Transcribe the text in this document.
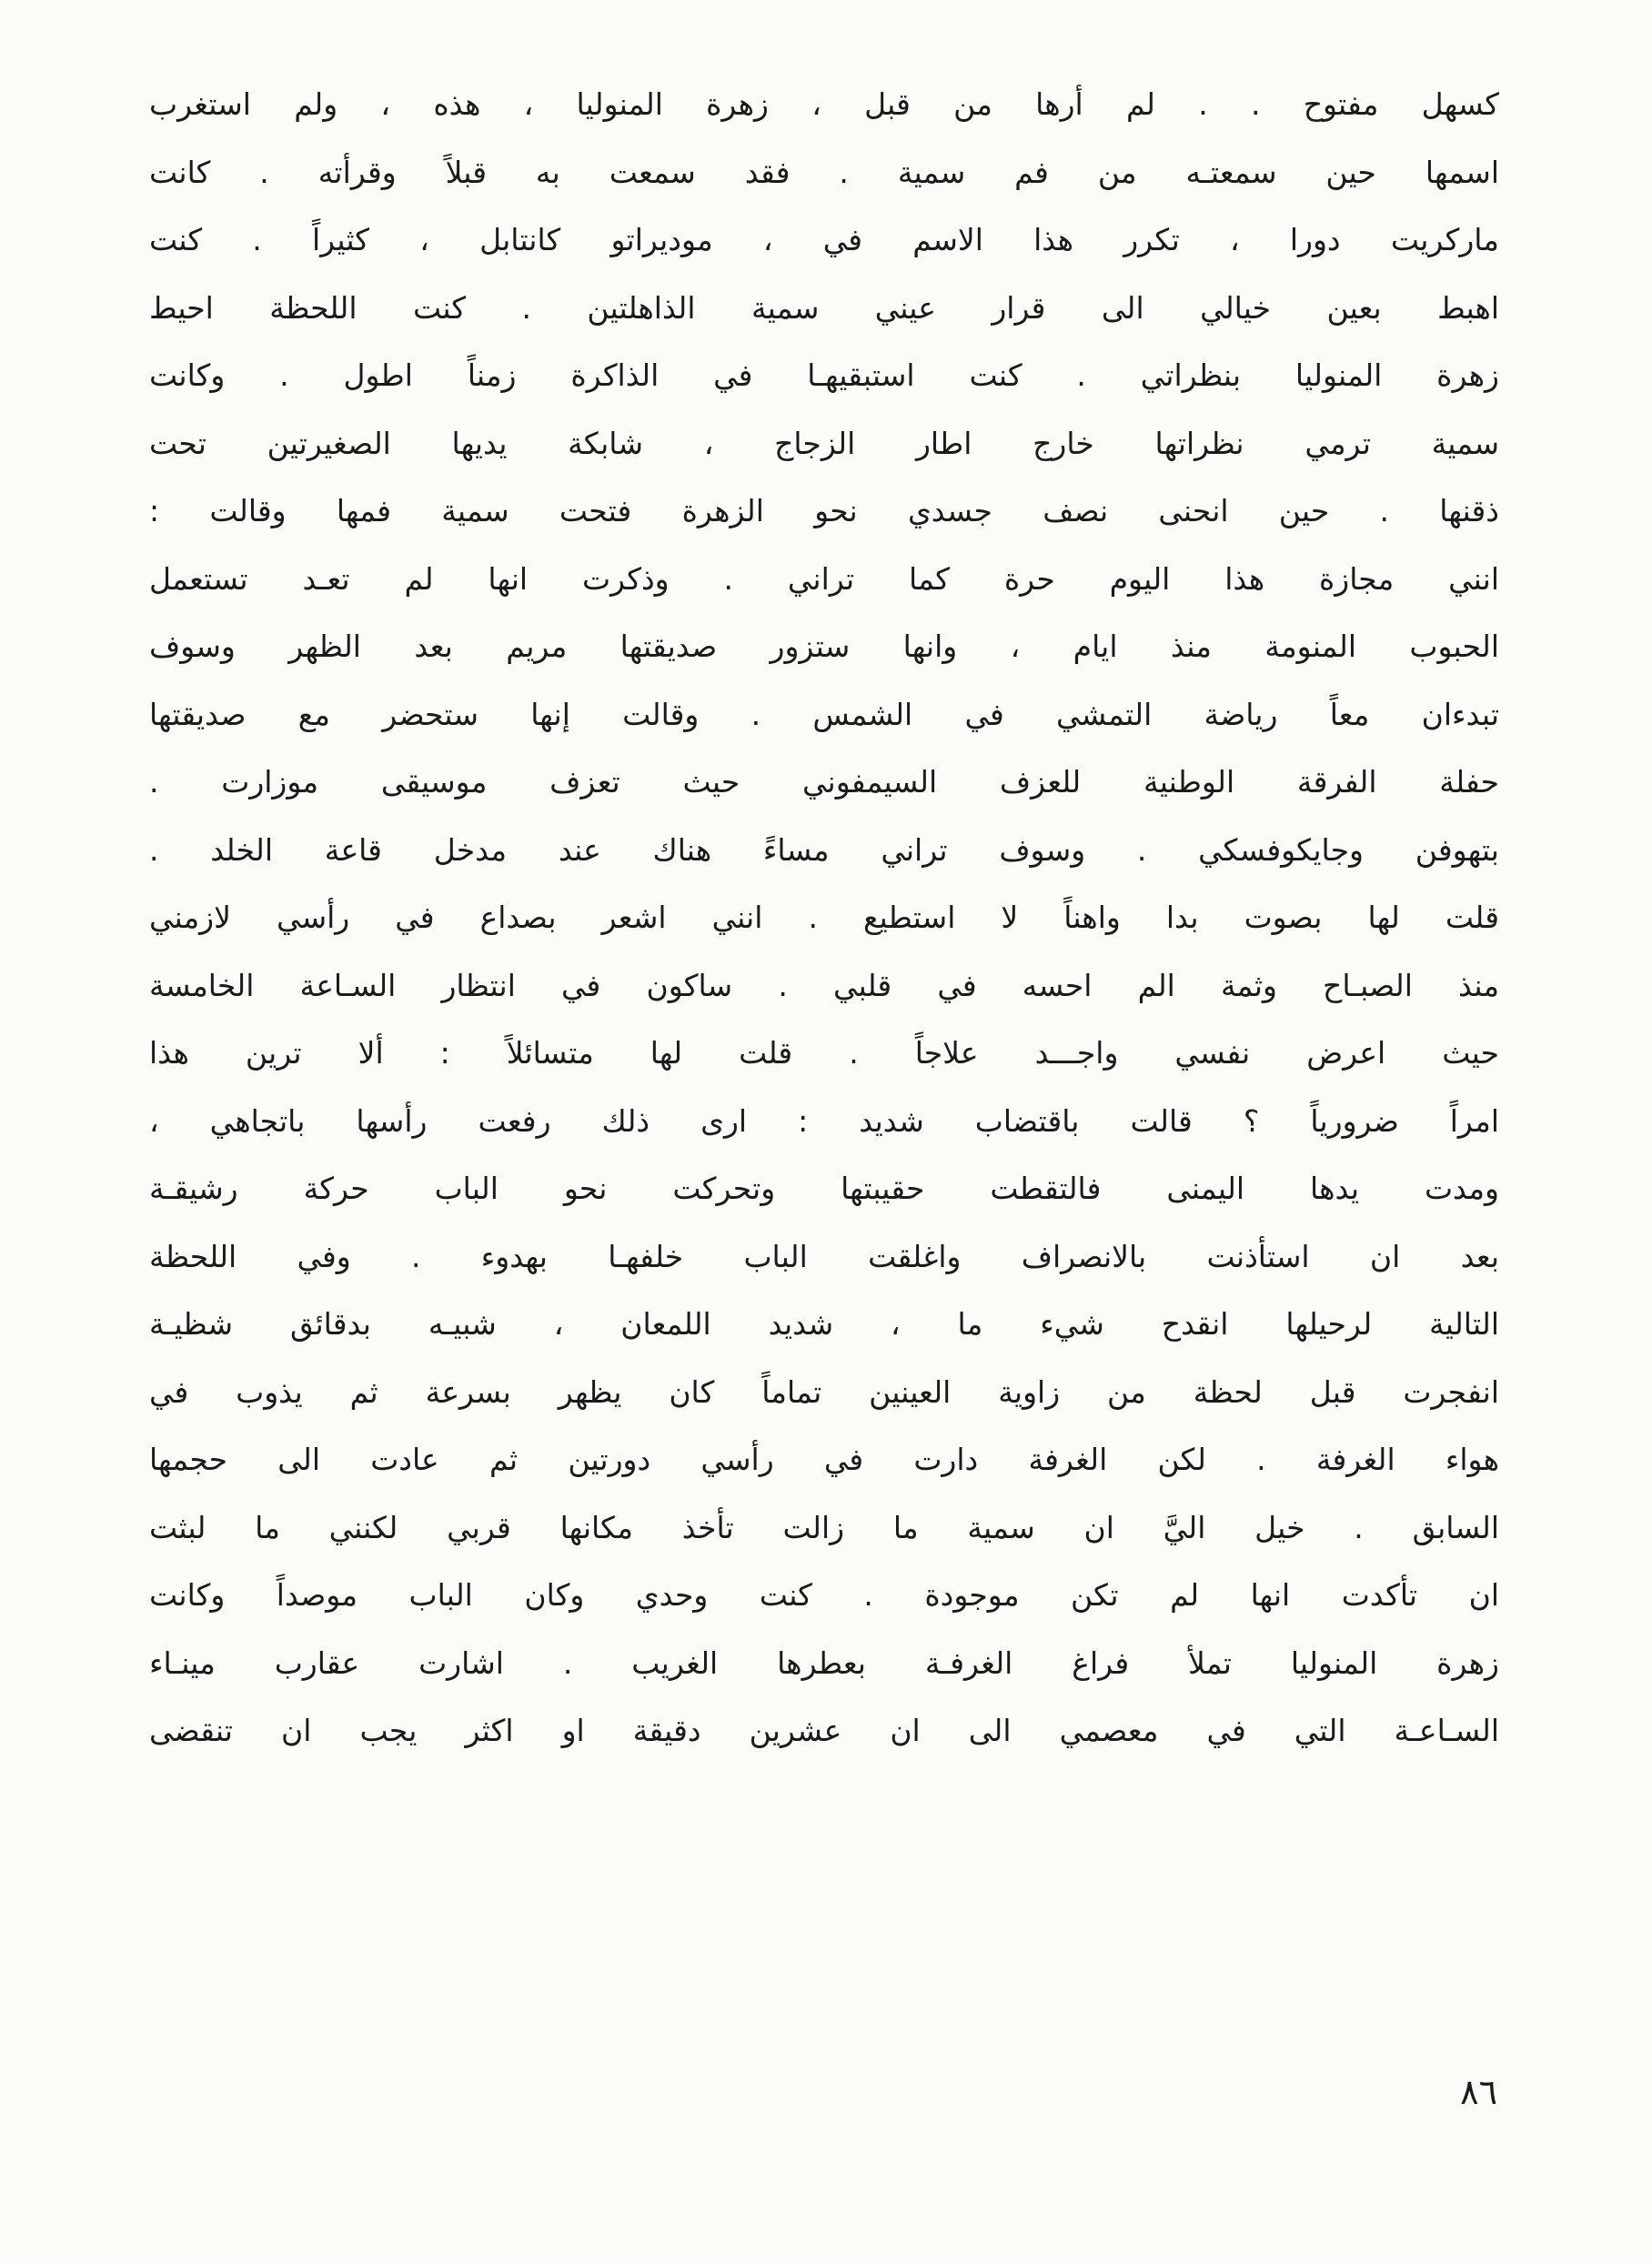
كسهل مفتوح . . لم أرها من قبل ، زهرة المنوليا ، هذه ، ولم استغرب

اسمها حين سمعتـه من فم سمية . فقد سمعت به قبلاً وقرأته . كانت

ماركريت دورا ، تكرر هذا الاسم في ، موديراتو كانتابل ، كثيراً . كنت

اهبط بعين خيالي الى قرار عيني سمية الذاهلتين . كنت اللحظة احيط

زهرة المنوليا بنظراتي . كنت استبقيهـا في الذاكرة زمناً اطول . وكانت

سمية ترمي نظراتها خارج اطار الزجاج ، شابكة يديها الصغيرتين تحت

ذقنها . حين انحنى نصف جسدي نحو الزهرة فتحت سمية فمها وقالت :

انني مجازة هذا اليوم حرة كما تراني . وذكرت انها لم تعـد تستعمل

الحبوب المنومة منذ ايام ، وانها ستزور صديقتها مريم بعد الظهر وسوف

تبدءان معاً رياضة التمشي في الشمس . وقالت إنها ستحضر مع صديقتها

حفلة الفرقة الوطنية للعزف السيمفوني حيث تعزف موسيقى موزارت .

بتهوفن وجايكوفسكي . وسوف تراني مساءً هناك عند مدخل قاعة الخلد .

قلت لها بصوت بدا واهناً لا استطيع . انني اشعر بصداع في رأسي لازمني

منذ الصبـاح وثمة الم احسه في قلبي . ساكون في انتظار السـاعة الخامسة

حيث اعرض نفسي واجـــد علاجاً . قلت لها متسائلاً : ألا ترين هذا

امراً ضرورياً ؟ قالت باقتضاب شديد : ارى ذلك رفعت رأسها باتجاهي ،

ومدت يدها اليمنى فالتقطت حقيبتها وتحركت نحو الباب حركة رشيقـة

بعد ان استأذنت بالانصراف واغلقت الباب خلفهـا بهدوء . وفي اللحظة

التالية لرحيلها انقدح شيء ما ، شديد اللمعان ، شبيـه بدقائق شظيـة

انفجرت قبل لحظة من زاوية العينين تماماً كان يظهر بسرعة ثم يذوب في

هواء الغرفة . لكن الغرفة دارت في رأسي دورتين ثم عادت الى حجمها

السابق . خيل اليَّ ان سمية ما زالت تأخذ مكانها قربي لكنني ما لبثت

ان تأكدت انها لم تكن موجودة . كنت وحدي وكان الباب موصداً وكانت

زهرة المنوليا تملأ فراغ الغرفـة بعطرها الغريب . اشارت عقارب مينـاء

السـاعـة التي في معصمي الى ان عشرين دقيقة او اكثر يجب ان تنقضى

٨٦
